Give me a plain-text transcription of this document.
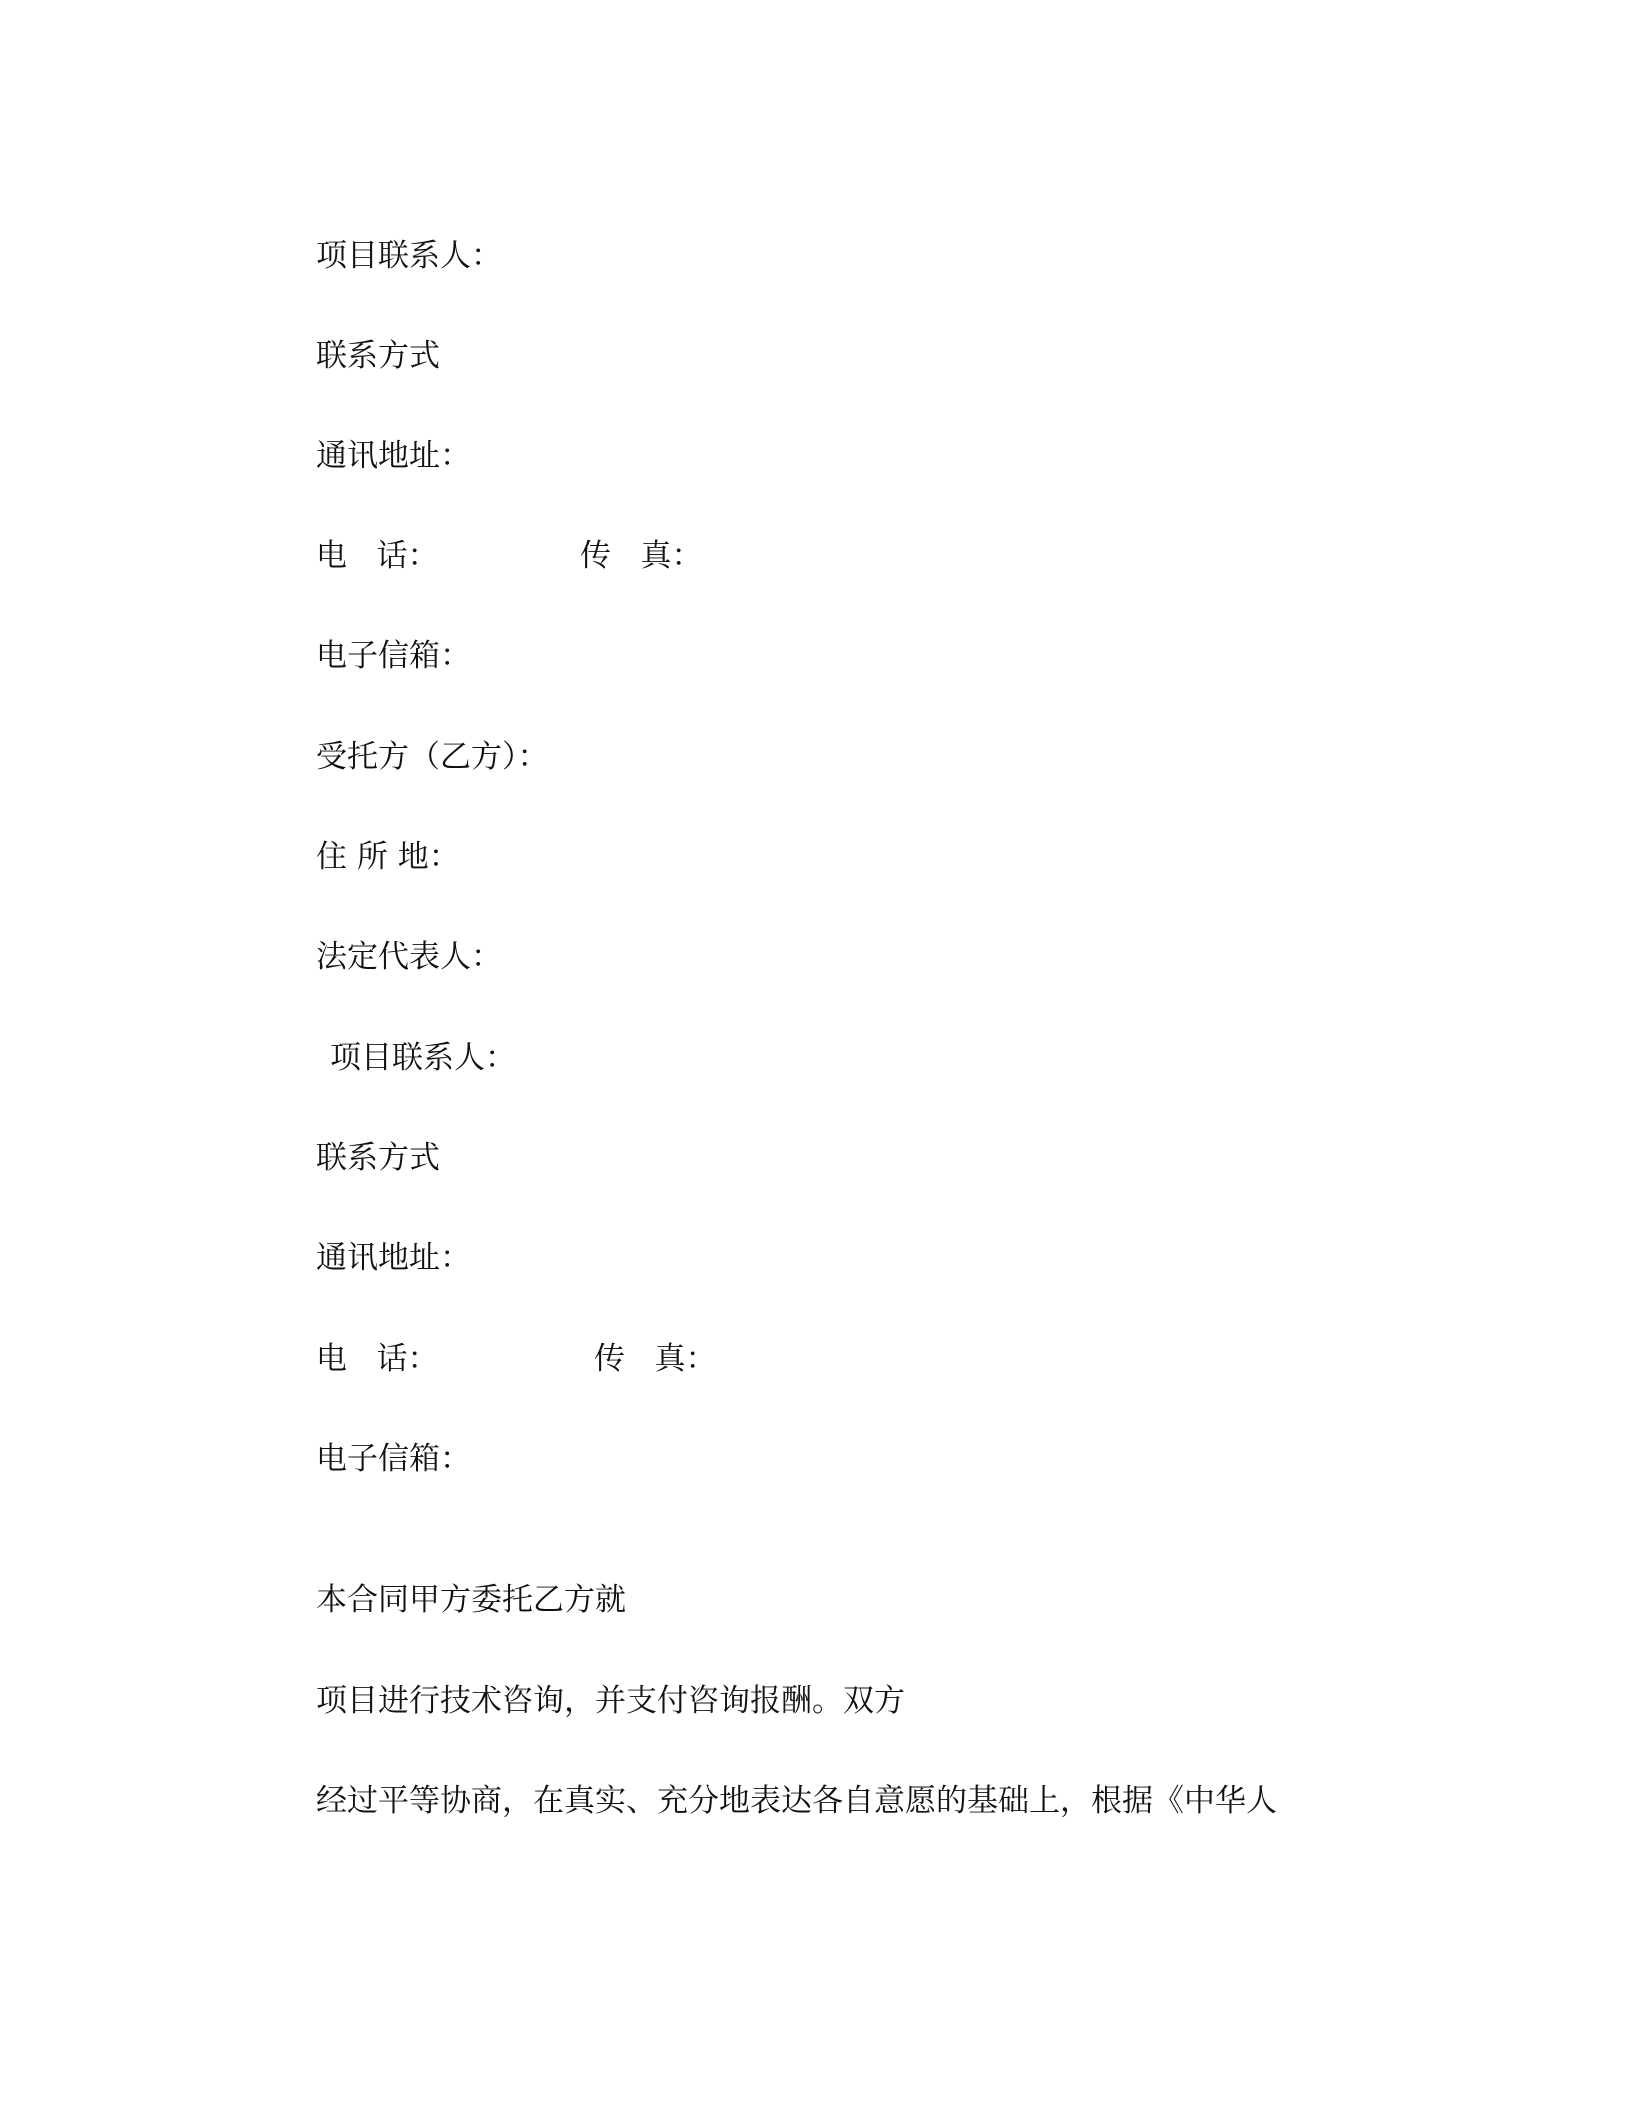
项目联系人：
联系方式
通讯地址：
电   话：	传   真：
电子信箱：
受托方（乙方）：
住 所 地：
法定代表人：
项目联系人：
联系方式
通讯地址：
电   话：	传   真：
电子信箱：
本合同甲方委托乙方就
项目进行技术咨询，并支付咨询报酬。双方
经过平等协商，在真实、充分地表达各自意愿的基础上，根据《中华人
